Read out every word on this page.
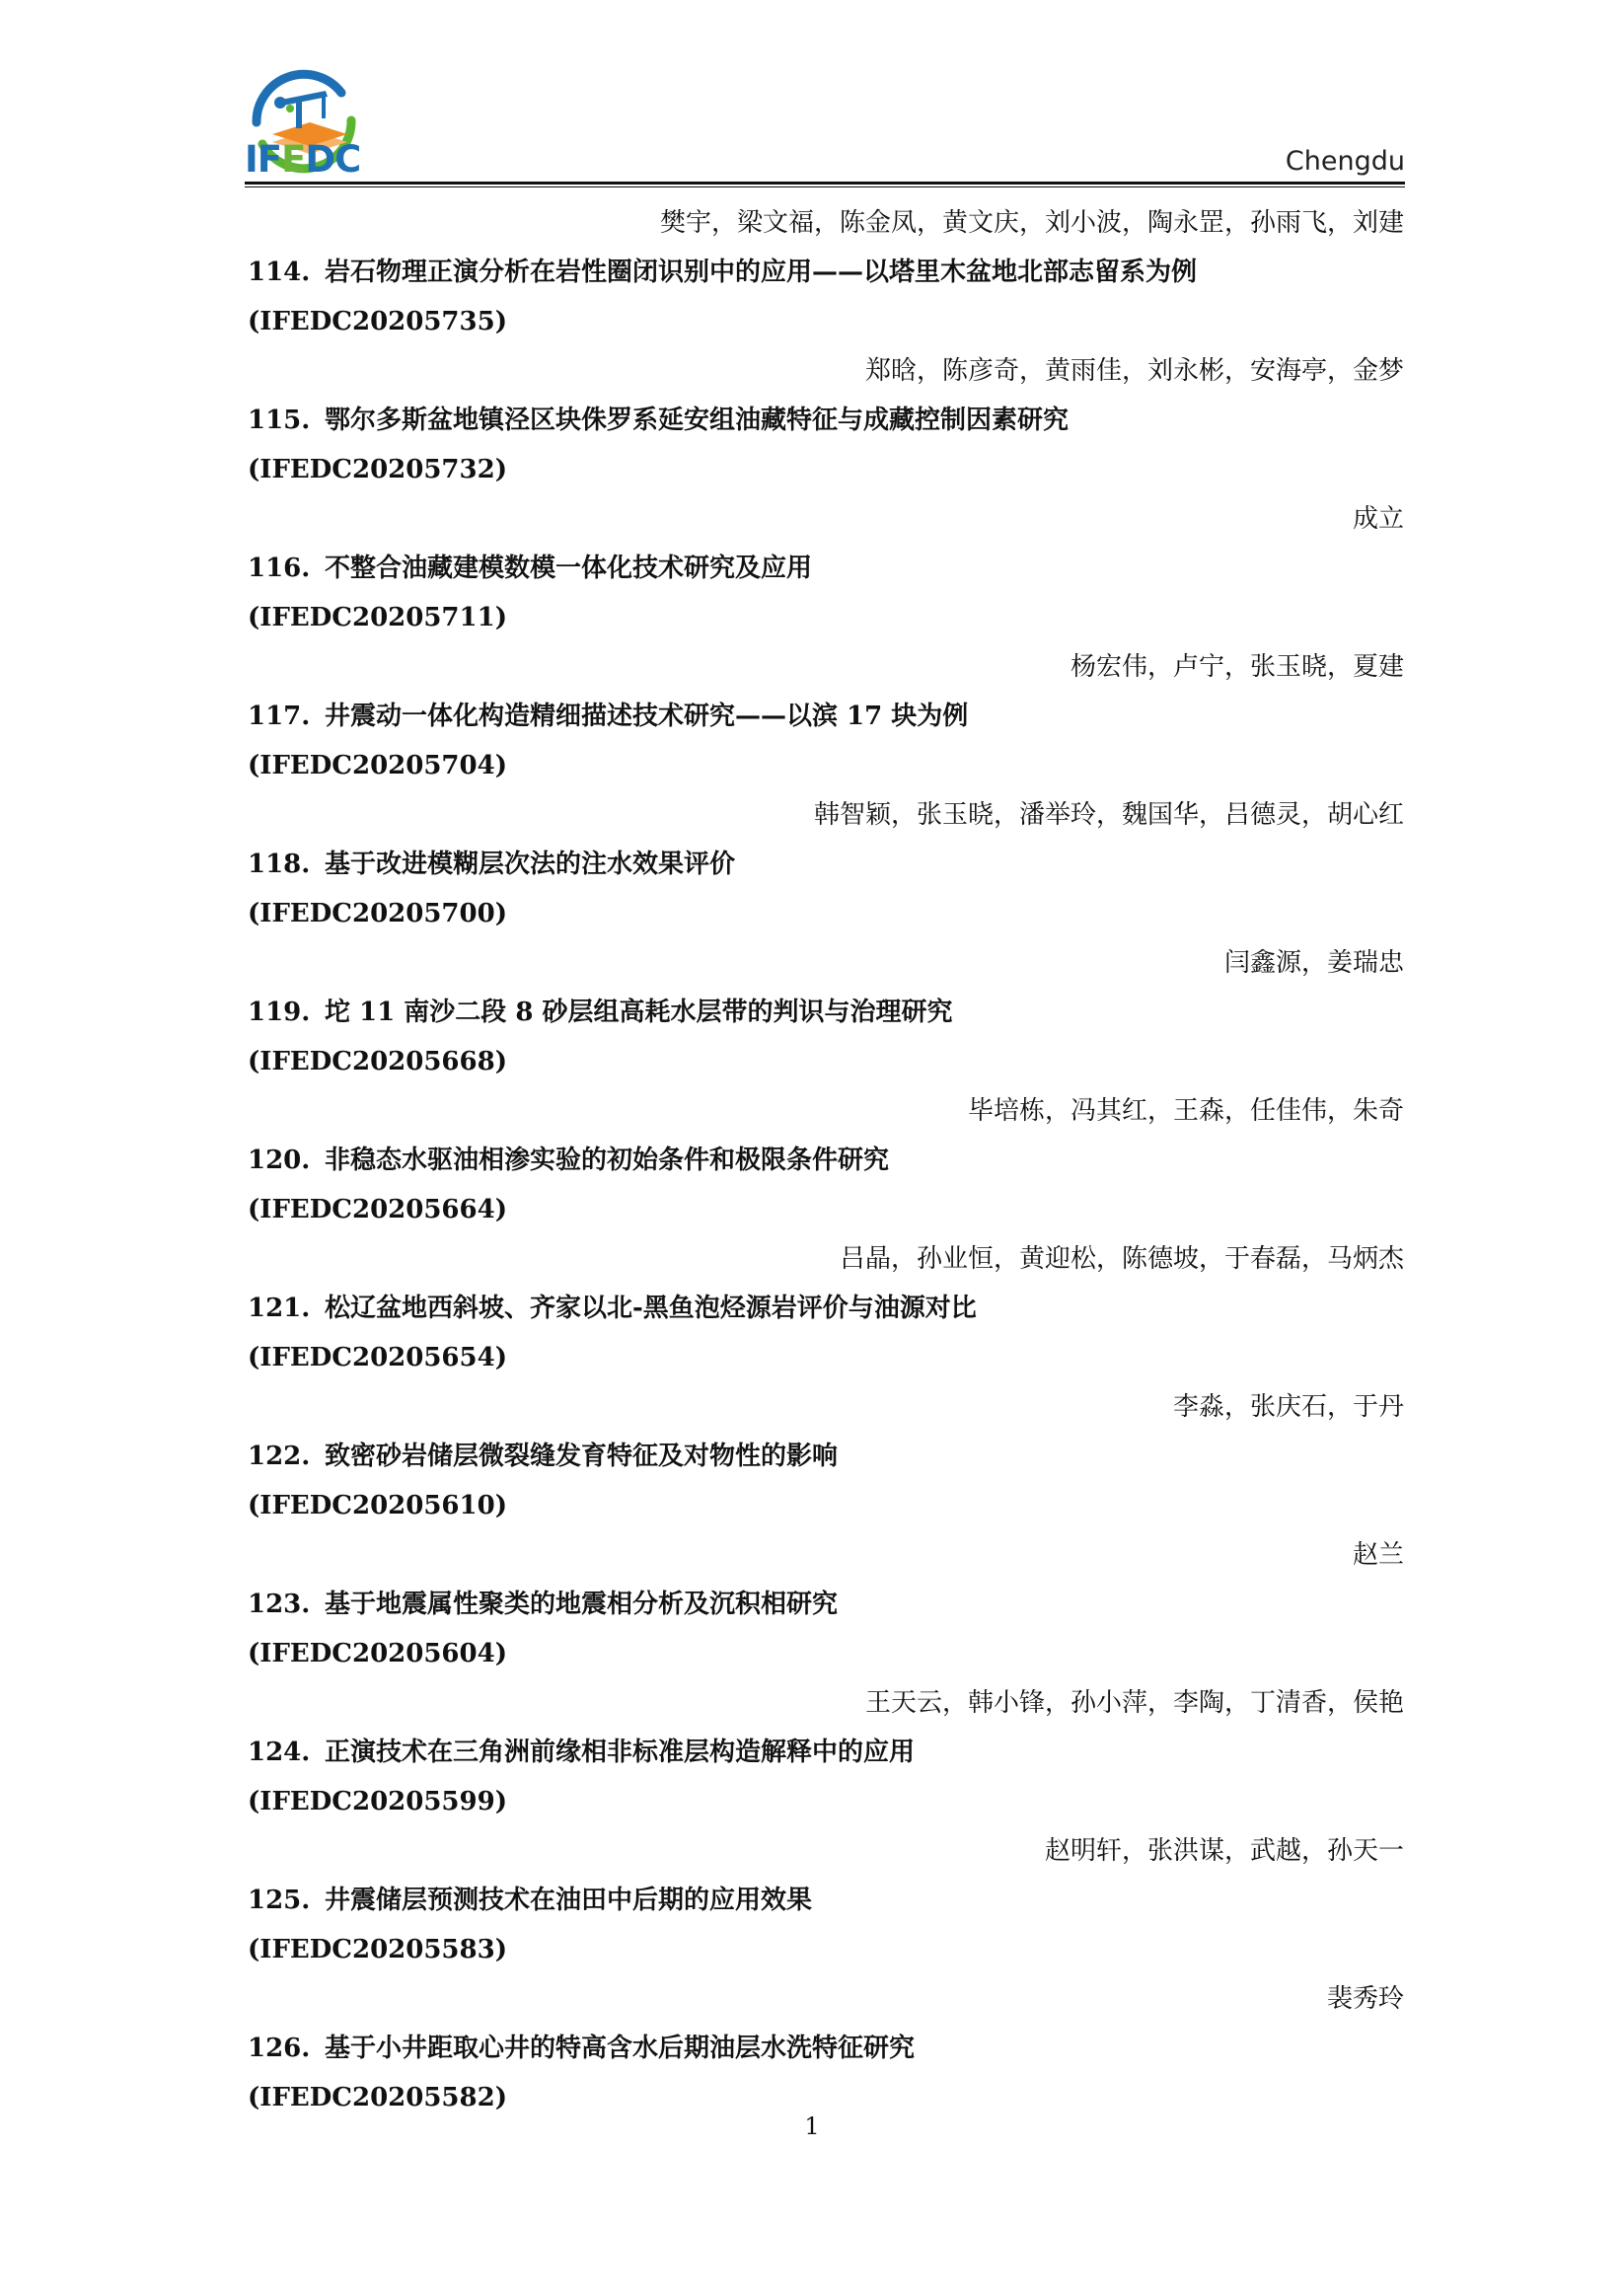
IFEDC	Chengdu
樊宇，梁文福，陈金凤，黄文庆，刘小波，陶永罡，孙雨飞，刘建
114. 岩石物理正演分析在岩性圈闭识别中的应用——以塔里木盆地北部志留系为例
(IFEDC20205735)
郑晗，陈彦奇，黄雨佳，刘永彬，安海亭，金梦
115. 鄂尔多斯盆地镇泾区块侏罗系延安组油藏特征与成藏控制因素研究
(IFEDC20205732)
成立
116. 不整合油藏建模数模一体化技术研究及应用
(IFEDC20205711)
杨宏伟，卢宁，张玉晓，夏建
117. 井震动一体化构造精细描述技术研究——以滨 17 块为例
(IFEDC20205704)
韩智颖，张玉晓，潘举玲，魏国华，吕德灵，胡心红
118. 基于改进模糊层次法的注水效果评价
(IFEDC20205700)
闫鑫源，姜瑞忠
119. 坨 11 南沙二段 8 砂层组高耗水层带的判识与治理研究
(IFEDC20205668)
毕培栋，冯其红，王森，任佳伟，朱奇
120. 非稳态水驱油相渗实验的初始条件和极限条件研究
(IFEDC20205664)
吕晶，孙业恒，黄迎松，陈德坡，于春磊，马炳杰
121. 松辽盆地西斜坡、齐家以北-黑鱼泡烃源岩评价与油源对比
(IFEDC20205654)
李淼，张庆石，于丹
122. 致密砂岩储层微裂缝发育特征及对物性的影响
(IFEDC20205610)
赵兰
123. 基于地震属性聚类的地震相分析及沉积相研究
(IFEDC20205604)
王天云，韩小锋，孙小萍，李陶，丁清香，侯艳
124. 正演技术在三角洲前缘相非标准层构造解释中的应用
(IFEDC20205599)
赵明轩，张洪谋，武越，孙天一
125. 井震储层预测技术在油田中后期的应用效果
(IFEDC20205583)
裴秀玲
126. 基于小井距取心井的特高含水后期油层水洗特征研究
(IFEDC20205582)
1
